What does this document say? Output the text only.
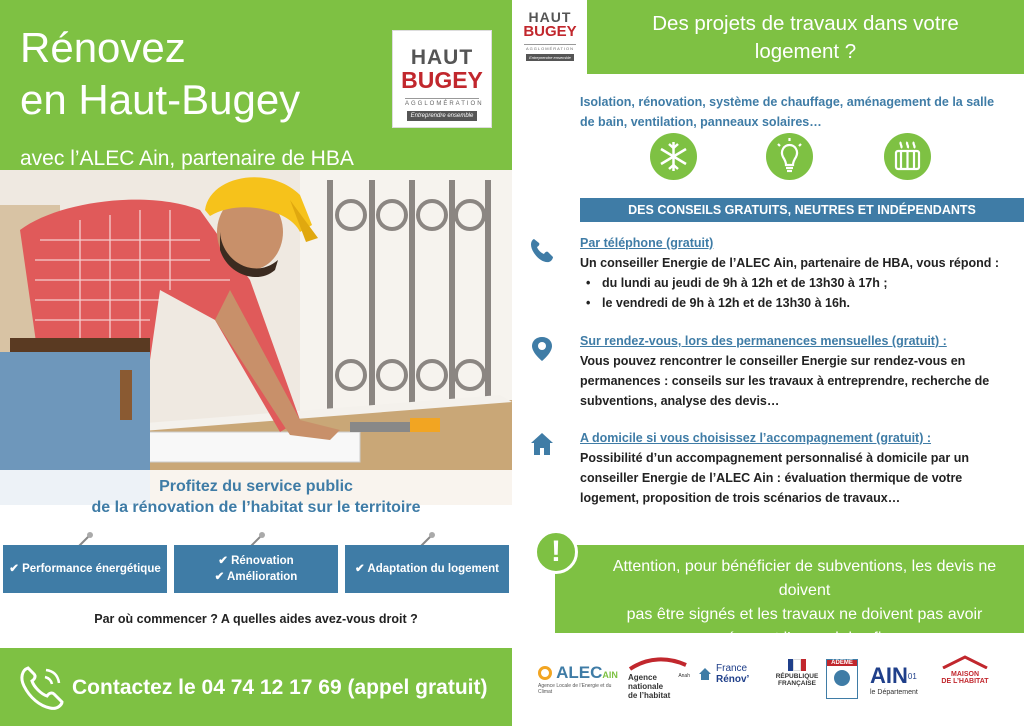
Rénovez
en Haut-Bugey
avec l’ALEC Ain, partenaire de HBA
HAUT
BUGEY
AGGLOMÉRATION
Entreprendre ensemble
Profitez du service public
de la rénovation de l’habitat sur le territoire
✔ Performance énergétique
✔ Rénovation
✔ Amélioration
✔ Adaptation du logement
Par où commencer ? A quelles aides avez-vous droit ?
Contactez le 04 74 12 17 69 (appel gratuit)
HAUT
BUGEY
AGGLOMÉRATION
Entreprendre ensemble
Des projets de travaux dans votre
logement ?
Isolation, rénovation, système de chauffage, aménagement de la salle
de bain, ventilation, panneaux solaires…
DES CONSEILS GRATUITS, NEUTRES ET INDÉPENDANTS
Par téléphone (gratuit)
Un conseiller Energie de l’ALEC Ain, partenaire de HBA, vous répond :
• du lundi au jeudi de 9h à 12h et de 13h30 à 17h ;
• le vendredi de 9h à 12h et de 13h30 à 16h.
Sur rendez-vous, lors des permanences mensuelles (gratuit) :
Vous pouvez rencontrer le conseiller Energie sur rendez-vous en
permanences : conseils sur les travaux à entreprendre, recherche de
subventions, analyse des devis…
A domicile si vous choisissez l’accompagnement (gratuit) :
Possibilité d’un accompagnement personnalisé à domicile par un
conseiller Energie de l’ALEC Ain : évaluation thermique de votre
logement, proposition de trois scénarios de travaux…
Attention, pour bénéficier de subventions, les devis ne doivent
pas être signés et les travaux ne doivent pas avoir
commencé avant l’accord des financeurs.
!
ALECAIN
Agence Locale de l’Energie et du Climat
Agence
nationale
de l’habitat
Anah
France
Rénov’	RÉPUBLIQUE
FRANÇAISE
ADEME AIN$^{01}$
le Département
MAISON
DE L’HABITAT
